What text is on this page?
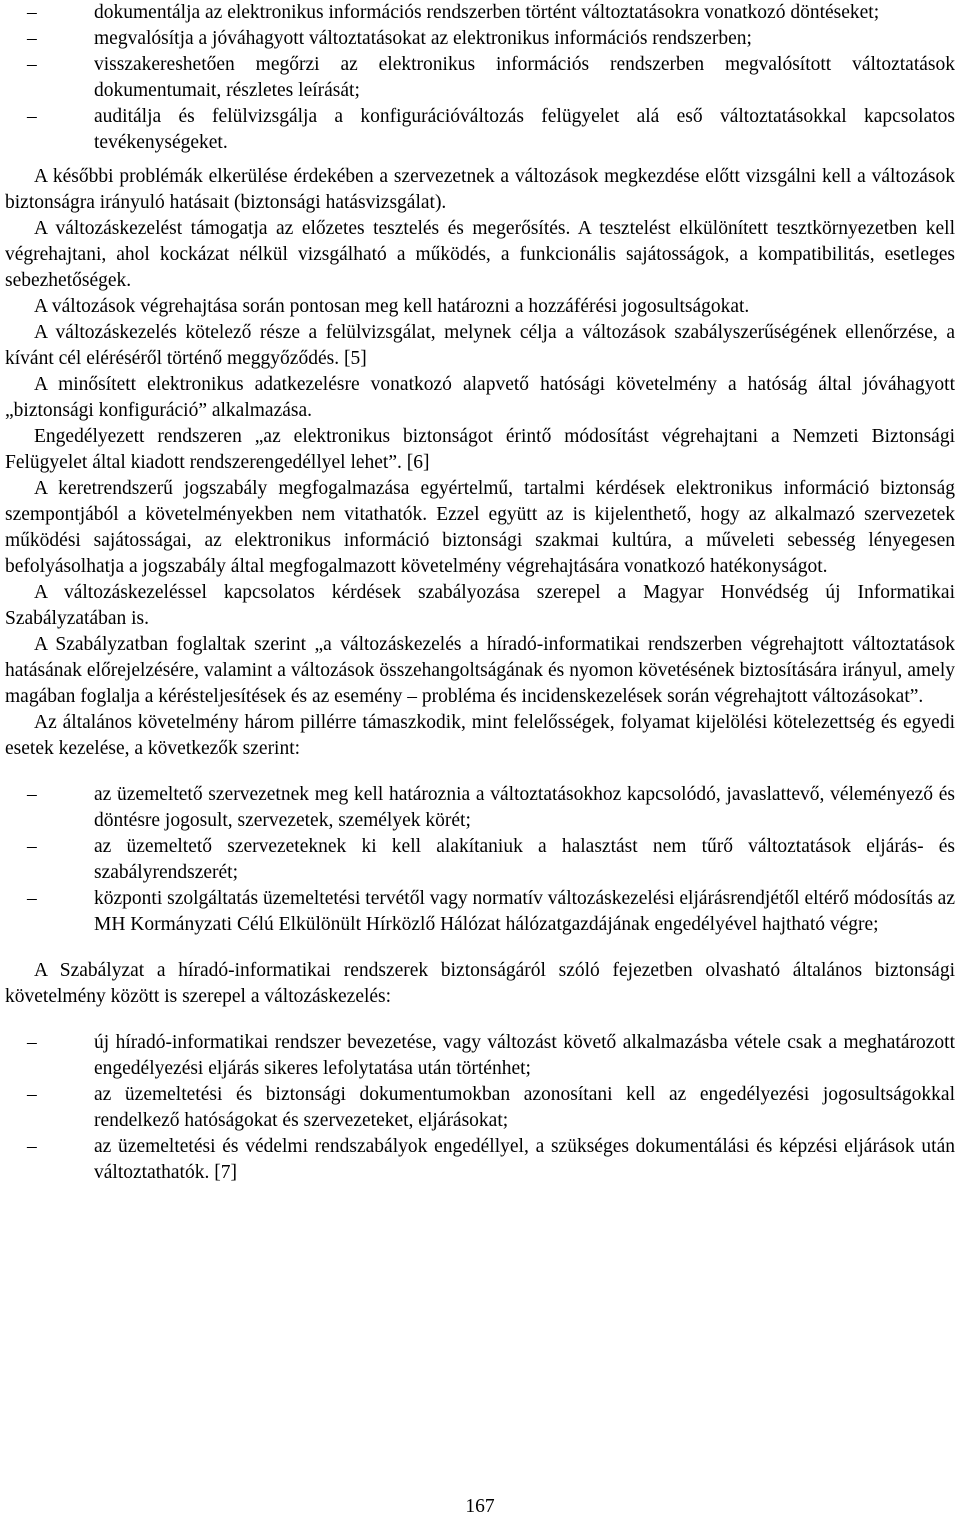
–	dokumentálja az elektronikus információs rendszerben történt változtatásokra vonatkozó döntéseket;
–	megvalósítja a jóváhagyott változtatásokat az elektronikus információs rendszerben;
–	visszakereshetően megőrzi az elektronikus információs rendszerben megvalósított változtatások dokumentumait, részletes leírását;
–	auditálja és felülvizsgálja a konfigurációváltozás felügyelet alá eső változtatásokkal kapcsolatos tevékenységeket.

A későbbi problémák elkerülése érdekében a szervezetnek a változások megkezdése előtt vizsgálni kell a változások biztonságra irányuló hatásait (biztonsági hatásvizsgálat).

A változáskezelést támogatja az előzetes tesztelés és megerősítés. A tesztelést elkülönített tesztkörnyezetben kell végrehajtani, ahol kockázat nélkül vizsgálható a működés, a funkcionális sajátosságok, a kompatibilitás, esetleges sebezhetőségek.

A változások végrehajtása során pontosan meg kell határozni a hozzáférési jogosultságokat.

A változáskezelés kötelező része a felülvizsgálat, melynek célja a változások szabályszerűségének ellenőrzése, a kívánt cél eléréséről történő meggyőződés. [5]

A minősített elektronikus adatkezelésre vonatkozó alapvető hatósági követelmény a hatóság által jóváhagyott „biztonsági konfiguráció” alkalmazása.

Engedélyezett rendszeren „az elektronikus biztonságot érintő módosítást végrehajtani a Nemzeti Biztonsági Felügyelet által kiadott rendszerengedéllyel lehet”. [6]

A keretrendszerű jogszabály megfogalmazása egyértelmű, tartalmi kérdések elektronikus információ biztonság szempontjából a követelményekben nem vitathatók. Ezzel együtt az is kijelenthető, hogy az alkalmazó szervezetek működési sajátosságai, az elektronikus információ biztonsági szakmai kultúra, a műveleti sebesség lényegesen befolyásolhatja a jogszabály által megfogalmazott követelmény végrehajtására vonatkozó hatékonyságot.

A változáskezeléssel kapcsolatos kérdések szabályozása szerepel a Magyar Honvédség új Informatikai Szabályzatában is.

A Szabályzatban foglaltak szerint „a változáskezelés a híradó-informatikai rendszerben végrehajtott változtatások hatásának előrejelzésére, valamint a változások összehangoltságának és nyomon követésének biztosítására irányul, amely magában foglalja a kérésteljesítések és az esemény – probléma és incidenskezelések során végrehajtott változásokat”.

Az általános követelmény három pillérre támaszkodik, mint felelősségek, folyamat kijelölési kötelezettség és egyedi esetek kezelése, a következők szerint:

–	az üzemeltető szervezetnek meg kell határoznia a változtatásokhoz kapcsolódó, javaslattevő, véleményező és döntésre jogosult, szervezetek, személyek körét;
–	az üzemeltető szervezeteknek ki kell alakítaniuk a halasztást nem tűrő változtatások eljárás- és szabályrendszerét;
–	központi szolgáltatás üzemeltetési tervétől vagy normatív változáskezelési eljárásrendjétől eltérő módosítás az MH Kormányzati Célú Elkülönült Hírközlő Hálózat hálózatgazdájának engedélyével hajtható végre;

A Szabályzat a híradó-informatikai rendszerek biztonságáról szóló fejezetben olvasható általános biztonsági követelmény között is szerepel a változáskezelés:

–	új híradó-informatikai rendszer bevezetése, vagy változást követő alkalmazásba vétele csak a meghatározott engedélyezési eljárás sikeres lefolytatása után történhet;
–	az üzemeltetési és biztonsági dokumentumokban azonosítani kell az engedélyezési jogosultságokkal rendelkező hatóságokat és szervezeteket, eljárásokat;
–	az üzemeltetési és védelmi rendszabályok engedéllyel, a szükséges dokumentálási és képzési eljárások után változtathatók. [7]
167
